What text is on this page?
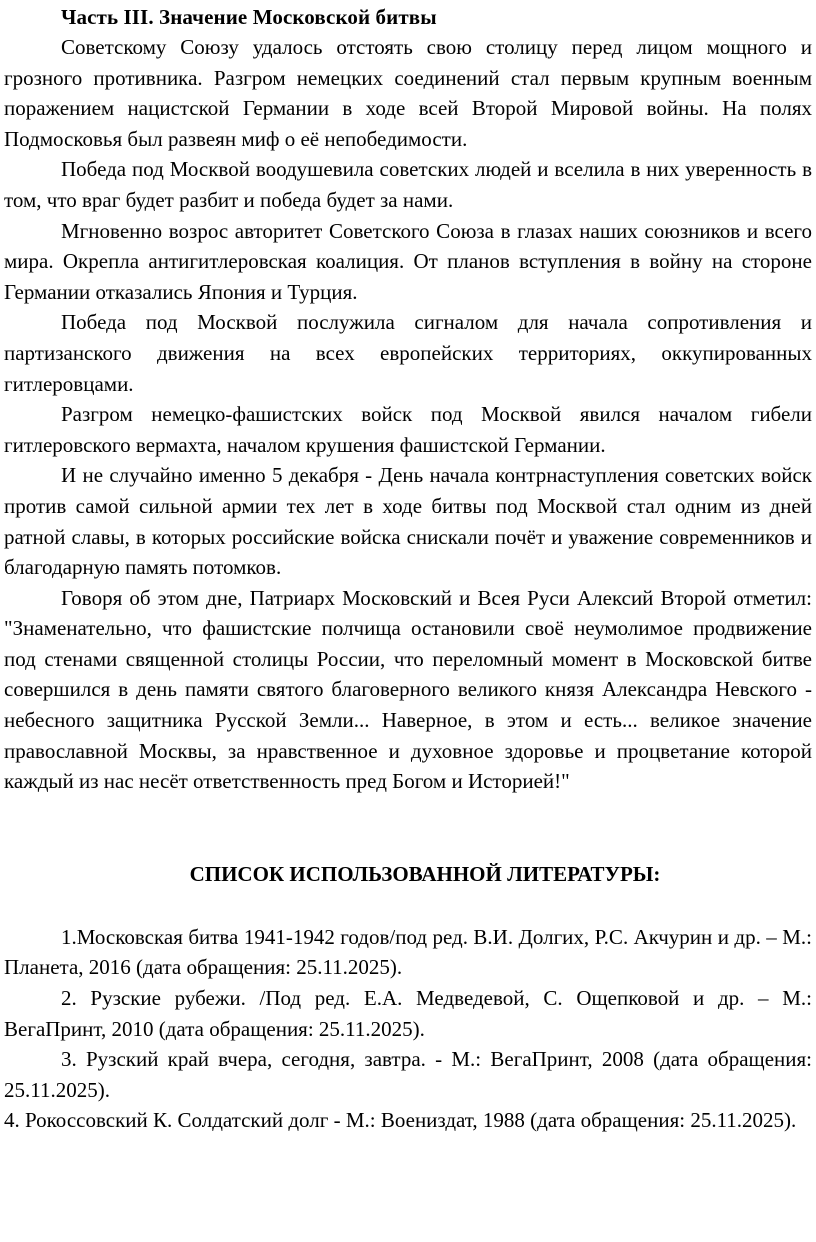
Часть III. Значение Московской битвы

Советскому Союзу удалось отстоять свою столицу перед лицом мощного и грозного противника. Разгром немецких соединений стал первым крупным военным поражением нацистской Германии в ходе всей Второй Мировой войны. На полях Подмосковья был развеян миф о её непобедимости.

Победа под Москвой воодушевила советских людей и вселила в них уверенность в том, что враг будет разбит и победа будет за нами.

Мгновенно возрос авторитет Советского Союза в глазах наших союзников и всего мира. Окрепла антигитлеровская коалиция. От планов вступления в войну на стороне Германии отказались Япония и Турция.

Победа под Москвой послужила сигналом для начала сопротивления и партизанского движения на всех европейских территориях, оккупированных гитлеровцами.

Разгром немецко-фашистских войск под Москвой явился началом гибели гитлеровского вермахта, началом крушения фашистской Германии.

И не случайно именно 5 декабря - День начала контрнаступления советских войск против самой сильной армии тех лет в ходе битвы под Москвой стал одним из дней ратной славы, в которых российские войска снискали почёт и уважение современников и благодарную память потомков.

Говоря об этом дне, Патриарх Московский и Всея Руси Алексий Второй отметил: "Знаменательно, что фашистские полчища остановили своё неумолимое продвижение под стенами священной столицы России, что переломный момент в Московской битве совершился в день памяти святого благоверного великого князя Александра Невского - небесного защитника Русской Земли... Наверное, в этом и есть... великое значение православной Москвы, за нравственное и духовное здоровье и процветание которой каждый из нас несёт ответственность пред Богом и Историей!"

СПИСОК ИСПОЛЬЗОВАННОЙ ЛИТЕРАТУРЫ:

1.Московская битва 1941-1942 годов/под ред. В.И. Долгих, Р.С. Акчурин и др. – М.: Планета, 2016 (дата обращения: 25.11.2025).

2. Рузские рубежи. /Под ред. Е.А. Медведевой, С. Ощепковой и др. – М.: ВегаПринт, 2010 (дата обращения: 25.11.2025).

3. Рузский край вчера, сегодня, завтра. - М.: ВегаПринт, 2008 (дата обращения: 25.11.2025).

4. Рокоссовский К. Солдатский долг - М.: Воениздат, 1988 (дата обращения: 25.11.2025).
